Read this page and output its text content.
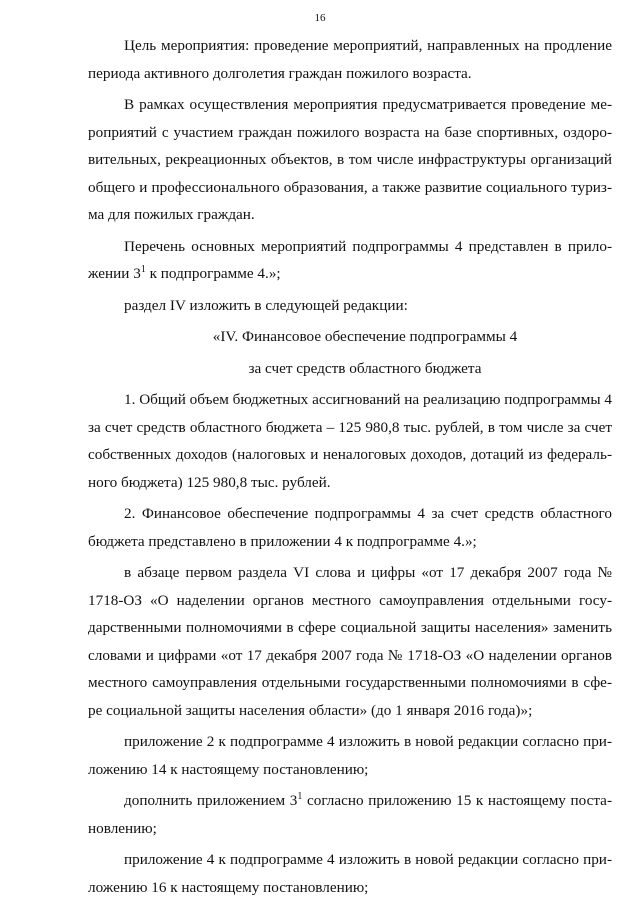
16

Цель мероприятия: проведение мероприятий, направленных на продление периода активного долголетия граждан пожилого возраста.

В рамках осуществления мероприятия предусматривается проведение мероприятий с участием граждан пожилого возраста на базе спортивных, оздоровительных, рекреационных объектов, в том числе инфраструктуры организаций общего и профессионального образования, а также развитие социального туризма для пожилых граждан.

Перечень основных мероприятий подпрограммы 4 представлен в приложении $3^1$ к подпрограмме 4.»;

раздел IV изложить в следующей редакции:

«IV. Финансовое обеспечение подпрограммы 4

за счет средств областного бюджета

1. Общий объем бюджетных ассигнований на реализацию подпрограммы 4 за счет средств областного бюджета – 125 980,8 тыс. рублей, в том числе за счет собственных доходов (налоговых и неналоговых доходов, дотаций из федерального бюджета) 125 980,8 тыс. рублей.

2. Финансовое обеспечение подпрограммы 4 за счет средств областного бюджета представлено в приложении 4 к подпрограмме 4.»;

в абзаце первом раздела VI слова и цифры «от 17 декабря 2007 года № 1718-ОЗ «О наделении органов местного самоуправления отдельными государственными полномочиями в сфере социальной защиты населения» заменить словами и цифрами «от 17 декабря 2007 года № 1718-ОЗ «О наделении органов местного самоуправления отдельными государственными полномочиями в сфере социальной защиты населения области» (до 1 января 2016 года)»;

приложение 2 к подпрограмме 4 изложить в новой редакции согласно приложению 14 к настоящему постановлению;

дополнить приложением $3^1$ согласно приложению 15 к настоящему постановлению;

приложение 4 к подпрограмме 4 изложить в новой редакции согласно приложению 16 к настоящему постановлению;
